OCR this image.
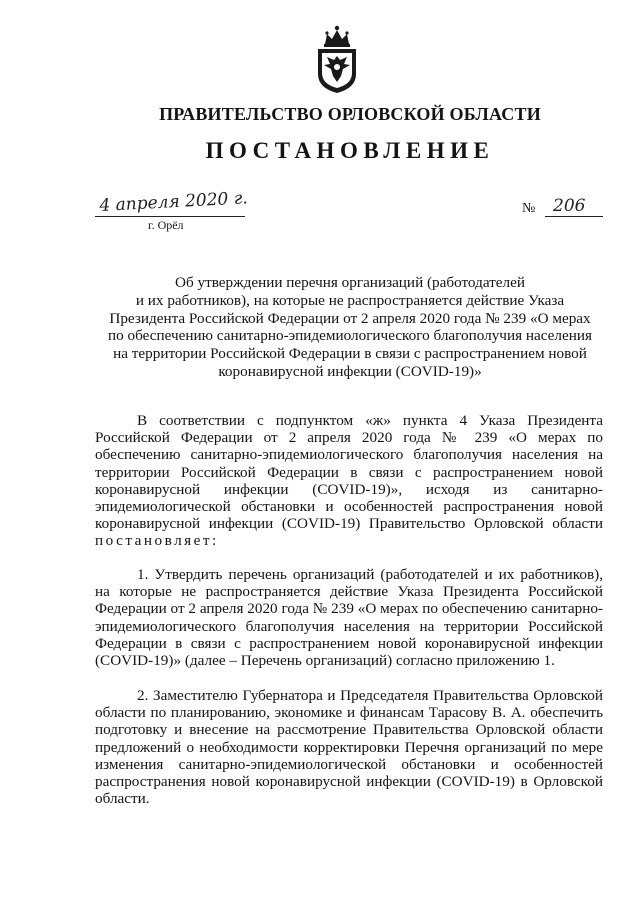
ПРАВИТЕЛЬСТВО ОРЛОВСКОЙ ОБЛАСТИ
ПОСТАНОВЛЕНИЕ
4 апреля 2020 г.
г. Орёл
№ 206
Об утверждении перечня организаций (работодателей
и их работников), на которые не распространяется действие Указа
Президента Российской Федерации от 2 апреля 2020 года № 239 «О мерах
по обеспечению санитарно-эпидемиологического благополучия населения
на территории Российской Федерации в связи с распространением новой
коронавирусной инфекции (COVID-19)»
В соответствии с подпунктом «ж» пункта 4 Указа Президента Российской Федерации от 2 апреля 2020 года № 239 «О мерах по обеспечению санитарно-эпидемиологического благополучия населения на территории Российской Федерации в связи с распространением новой коронавирусной инфекции (COVID-19)», исходя из санитарно-эпидемиологической обстановки и особенностей распространения новой коронавирусной инфекции (COVID-19) Правительство Орловской области постановляет:
1. Утвердить перечень организаций (работодателей и их работников), на которые не распространяется действие Указа Президента Российской Федерации от 2 апреля 2020 года № 239 «О мерах по обеспечению санитарно-эпидемиологического благополучия населения на территории Российской Федерации в связи с распространением новой коронавирусной инфекции (COVID-19)» (далее – Перечень организаций) согласно приложению 1.
2. Заместителю Губернатора и Председателя Правительства Орловской области по планированию, экономике и финансам Тарасову В. А. обеспечить подготовку и внесение на рассмотрение Правительства Орловской области предложений о необходимости корректировки Перечня организаций по мере изменения санитарно-эпидемиологической обстановки и особенностей распространения новой коронавирусной инфекции (COVID-19) в Орловской области.
